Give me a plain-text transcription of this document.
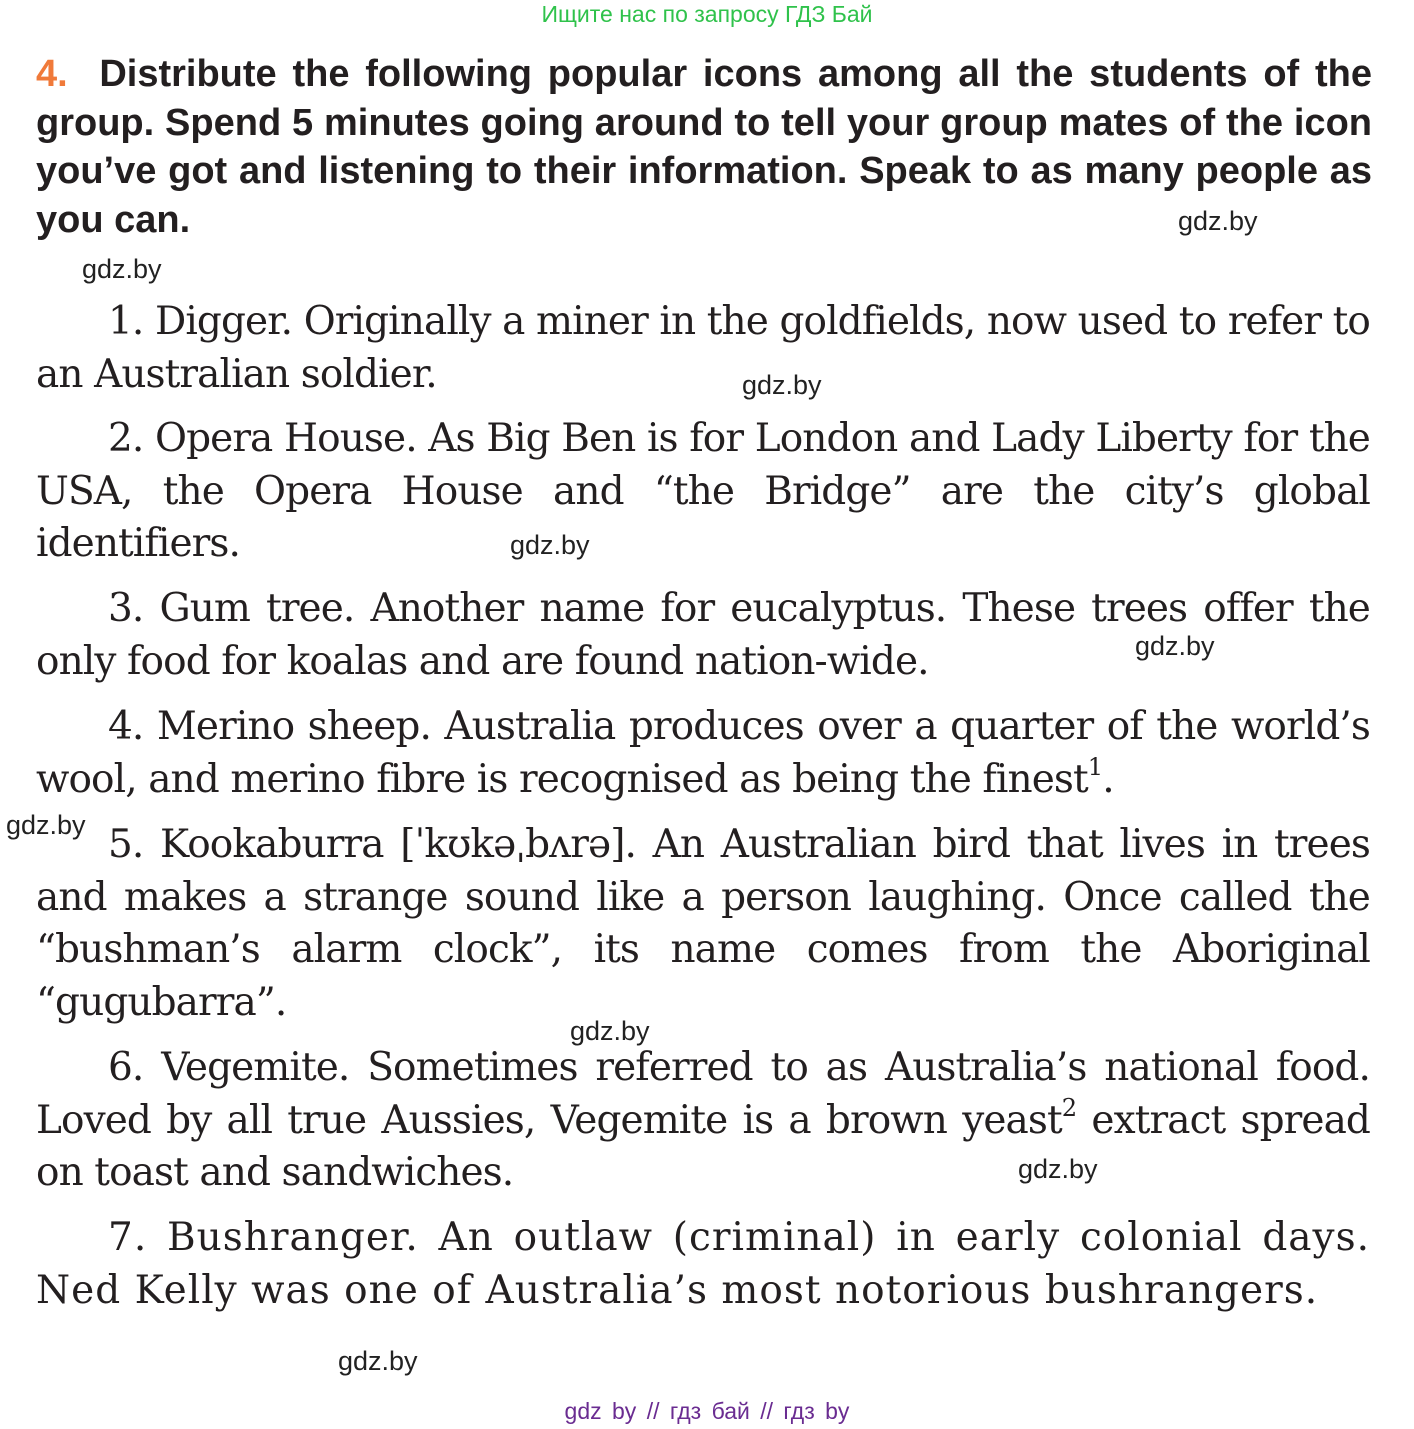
Ищите нас по запросу ГДЗ Бай

4. Distribute the following popular icons among all the students of the group. Spend 5 minutes going around to tell your group mates of the icon you’ve got and listening to their information. Speak to as many people as you can.

1. Digger. Originally a miner in the goldfields, now used to refer to an Australian soldier.

2. Opera House. As Big Ben is for London and Lady Liberty for the USA, the Opera House and “the Bridge” are the city’s global identifiers.

3. Gum tree. Another name for eucalyptus. These trees offer the only food for koalas and are found nation-wide.

4. Merino sheep. Australia produces over a quarter of the world’s wool, and merino fibre is recognised as being the finest$^1$.

5. Kookaburra [ˈkʊkəˌbʌrə]. An Australian bird that lives in trees and makes a strange sound like a person laughing. Once called the “bushman’s alarm clock”, its name comes from the Aboriginal “gugubarra”.

6. Vegemite. Sometimes referred to as Australia’s national food. Loved by all true Aussies, Vegemite is a brown yeast$^2$ extract spread on toast and sandwiches.

7. Bushranger. An outlaw (criminal) in early colonial days. Ned Kelly was one of Australia’s most notorious bushrangers.

gdz.by
gdz.by
gdz.by
gdz.by
gdz.by
gdz.by
gdz.by
gdz.by
gdz.by
gdz by // гдз бай // гдз by
